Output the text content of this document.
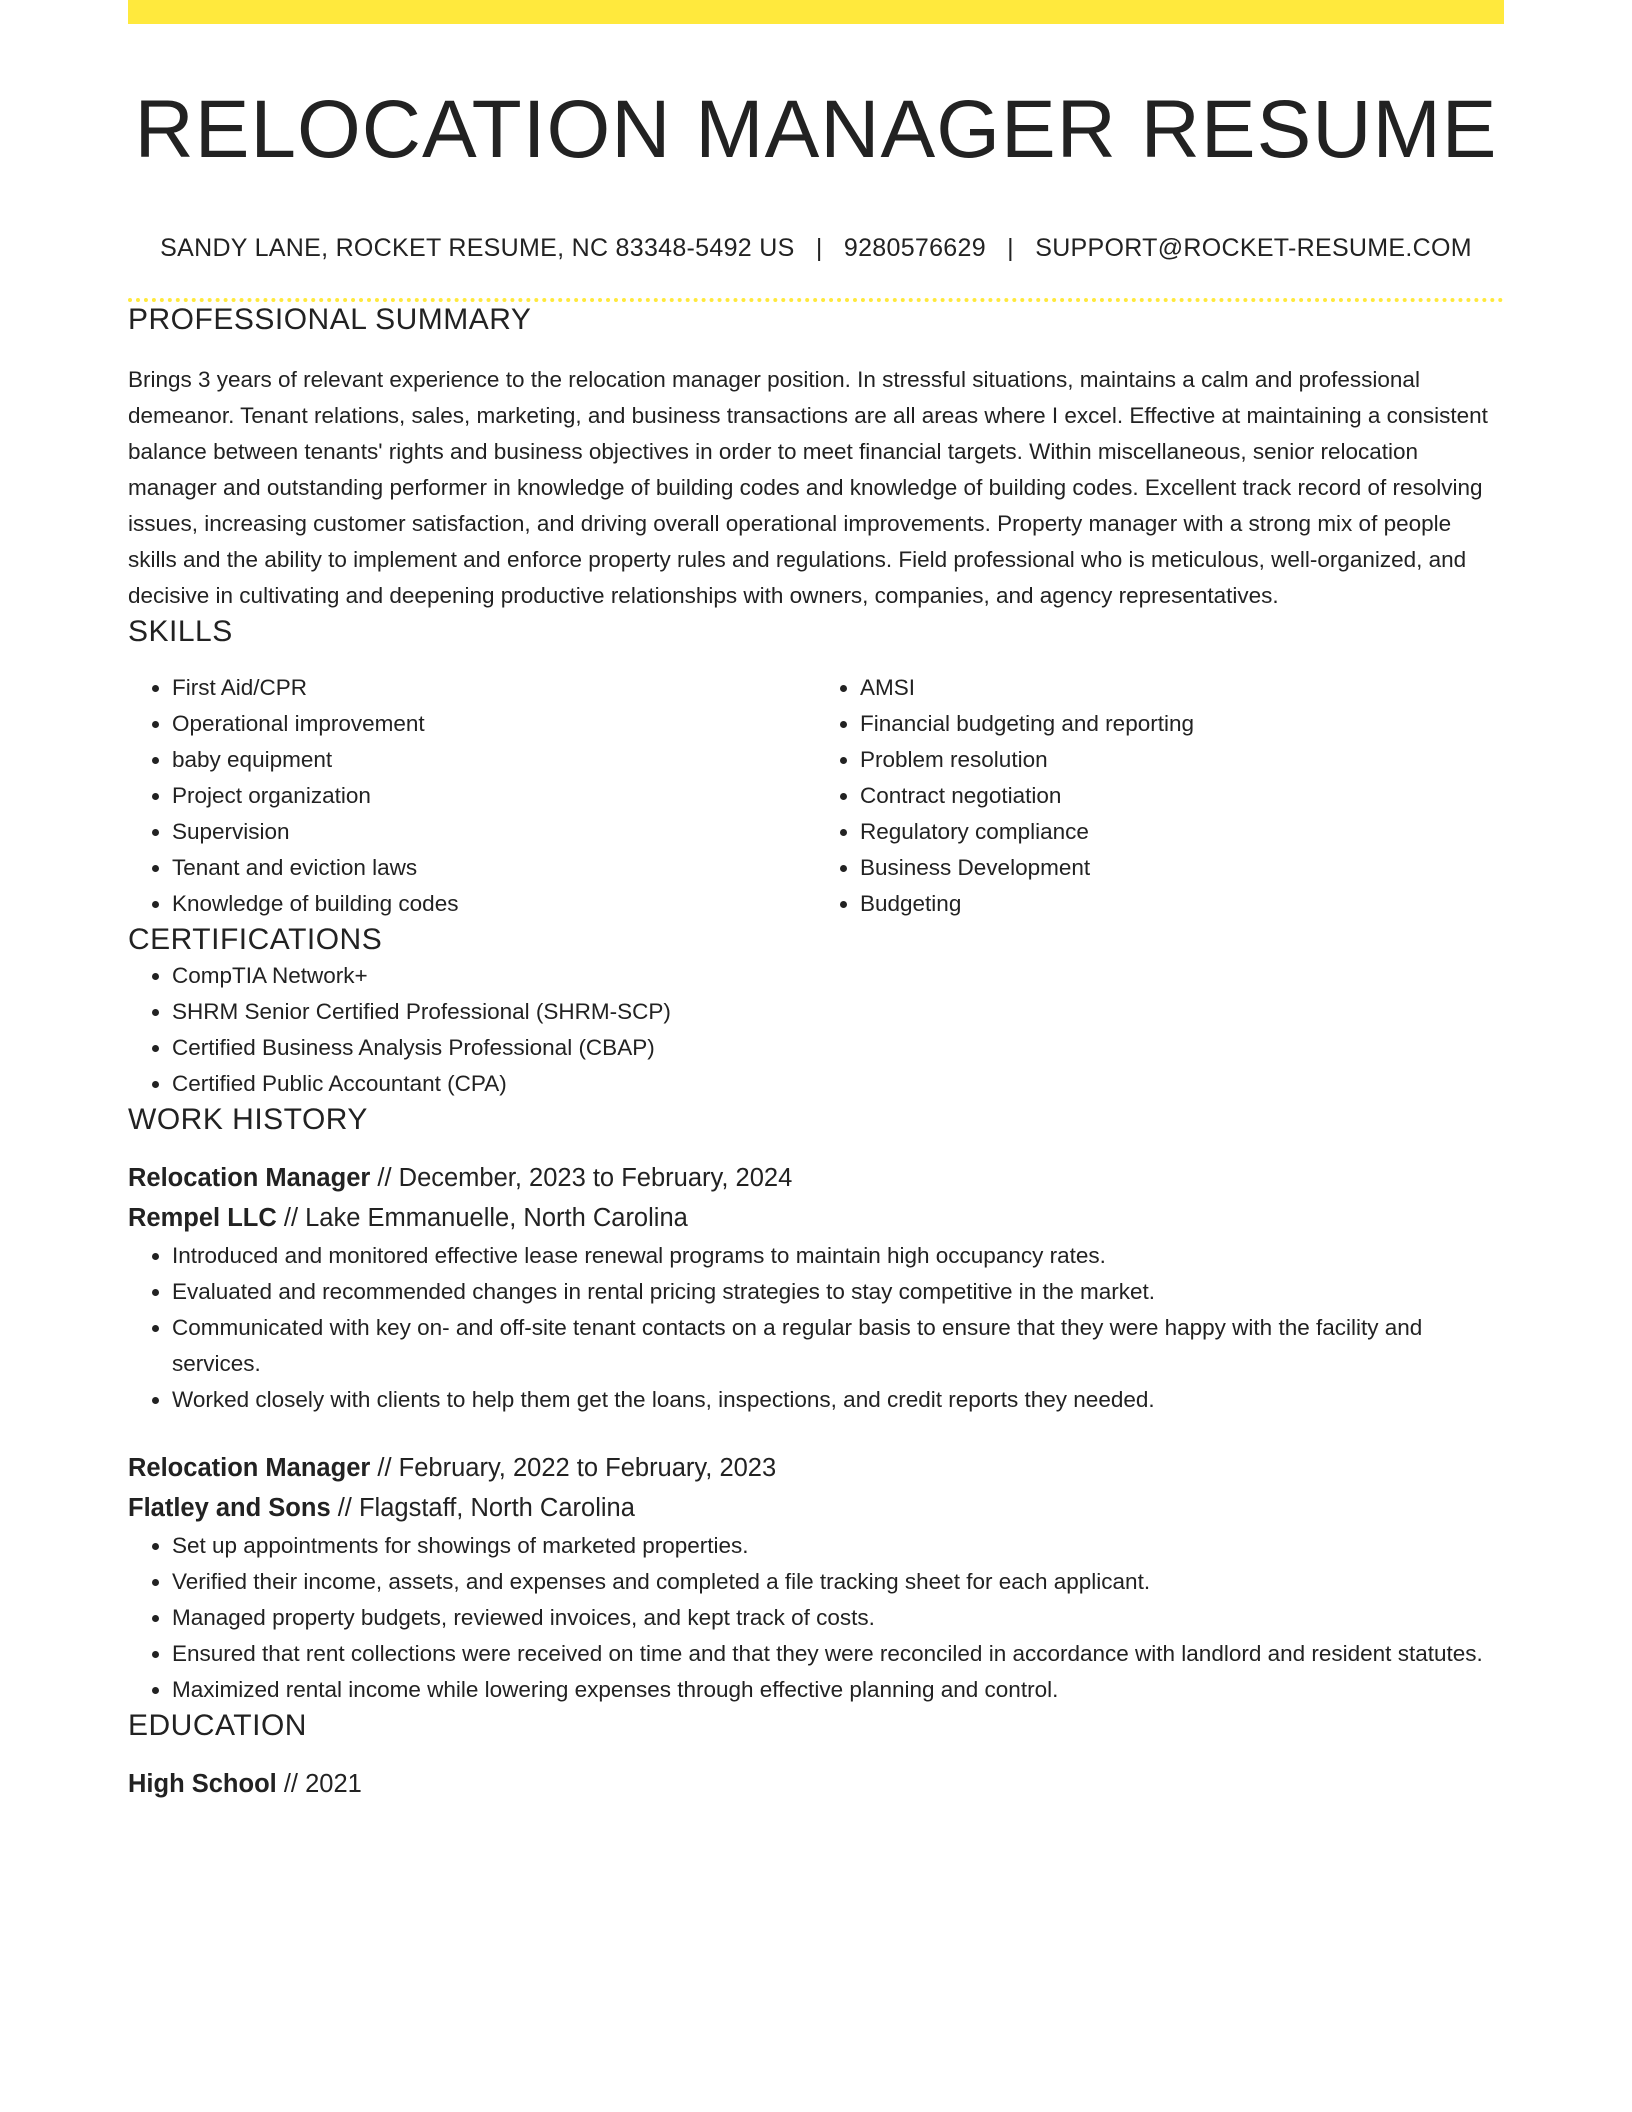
RELOCATION MANAGER RESUME
SANDY LANE, ROCKET RESUME, NC 83348-5492 US | 9280576629 | SUPPORT@ROCKET-RESUME.COM
PROFESSIONAL SUMMARY
Brings 3 years of relevant experience to the relocation manager position. In stressful situations, maintains a calm and professional demeanor. Tenant relations, sales, marketing, and business transactions are all areas where I excel. Effective at maintaining a consistent balance between tenants' rights and business objectives in order to meet financial targets. Within miscellaneous, senior relocation manager and outstanding performer in knowledge of building codes and knowledge of building codes. Excellent track record of resolving issues, increasing customer satisfaction, and driving overall operational improvements. Property manager with a strong mix of people skills and the ability to implement and enforce property rules and regulations. Field professional who is meticulous, well-organized, and decisive in cultivating and deepening productive relationships with owners, companies, and agency representatives.
SKILLS
• First Aid/CPR
• Operational improvement
• baby equipment
• Project organization
• Supervision
• Tenant and eviction laws
• Knowledge of building codes
• AMSI
• Financial budgeting and reporting
• Problem resolution
• Contract negotiation
• Regulatory compliance
• Business Development
• Budgeting
CERTIFICATIONS
• CompTIA Network+
• SHRM Senior Certified Professional (SHRM-SCP)
• Certified Business Analysis Professional (CBAP)
• Certified Public Accountant (CPA)
WORK HISTORY
Relocation Manager // December, 2023 to February, 2024
Rempel LLC // Lake Emmanuelle, North Carolina
• Introduced and monitored effective lease renewal programs to maintain high occupancy rates.
• Evaluated and recommended changes in rental pricing strategies to stay competitive in the market.
• Communicated with key on- and off-site tenant contacts on a regular basis to ensure that they were happy with the facility and services.
• Worked closely with clients to help them get the loans, inspections, and credit reports they needed.
Relocation Manager // February, 2022 to February, 2023
Flatley and Sons // Flagstaff, North Carolina
• Set up appointments for showings of marketed properties.
• Verified their income, assets, and expenses and completed a file tracking sheet for each applicant.
• Managed property budgets, reviewed invoices, and kept track of costs.
• Ensured that rent collections were received on time and that they were reconciled in accordance with landlord and resident statutes.
• Maximized rental income while lowering expenses through effective planning and control.
EDUCATION
High School // 2021
